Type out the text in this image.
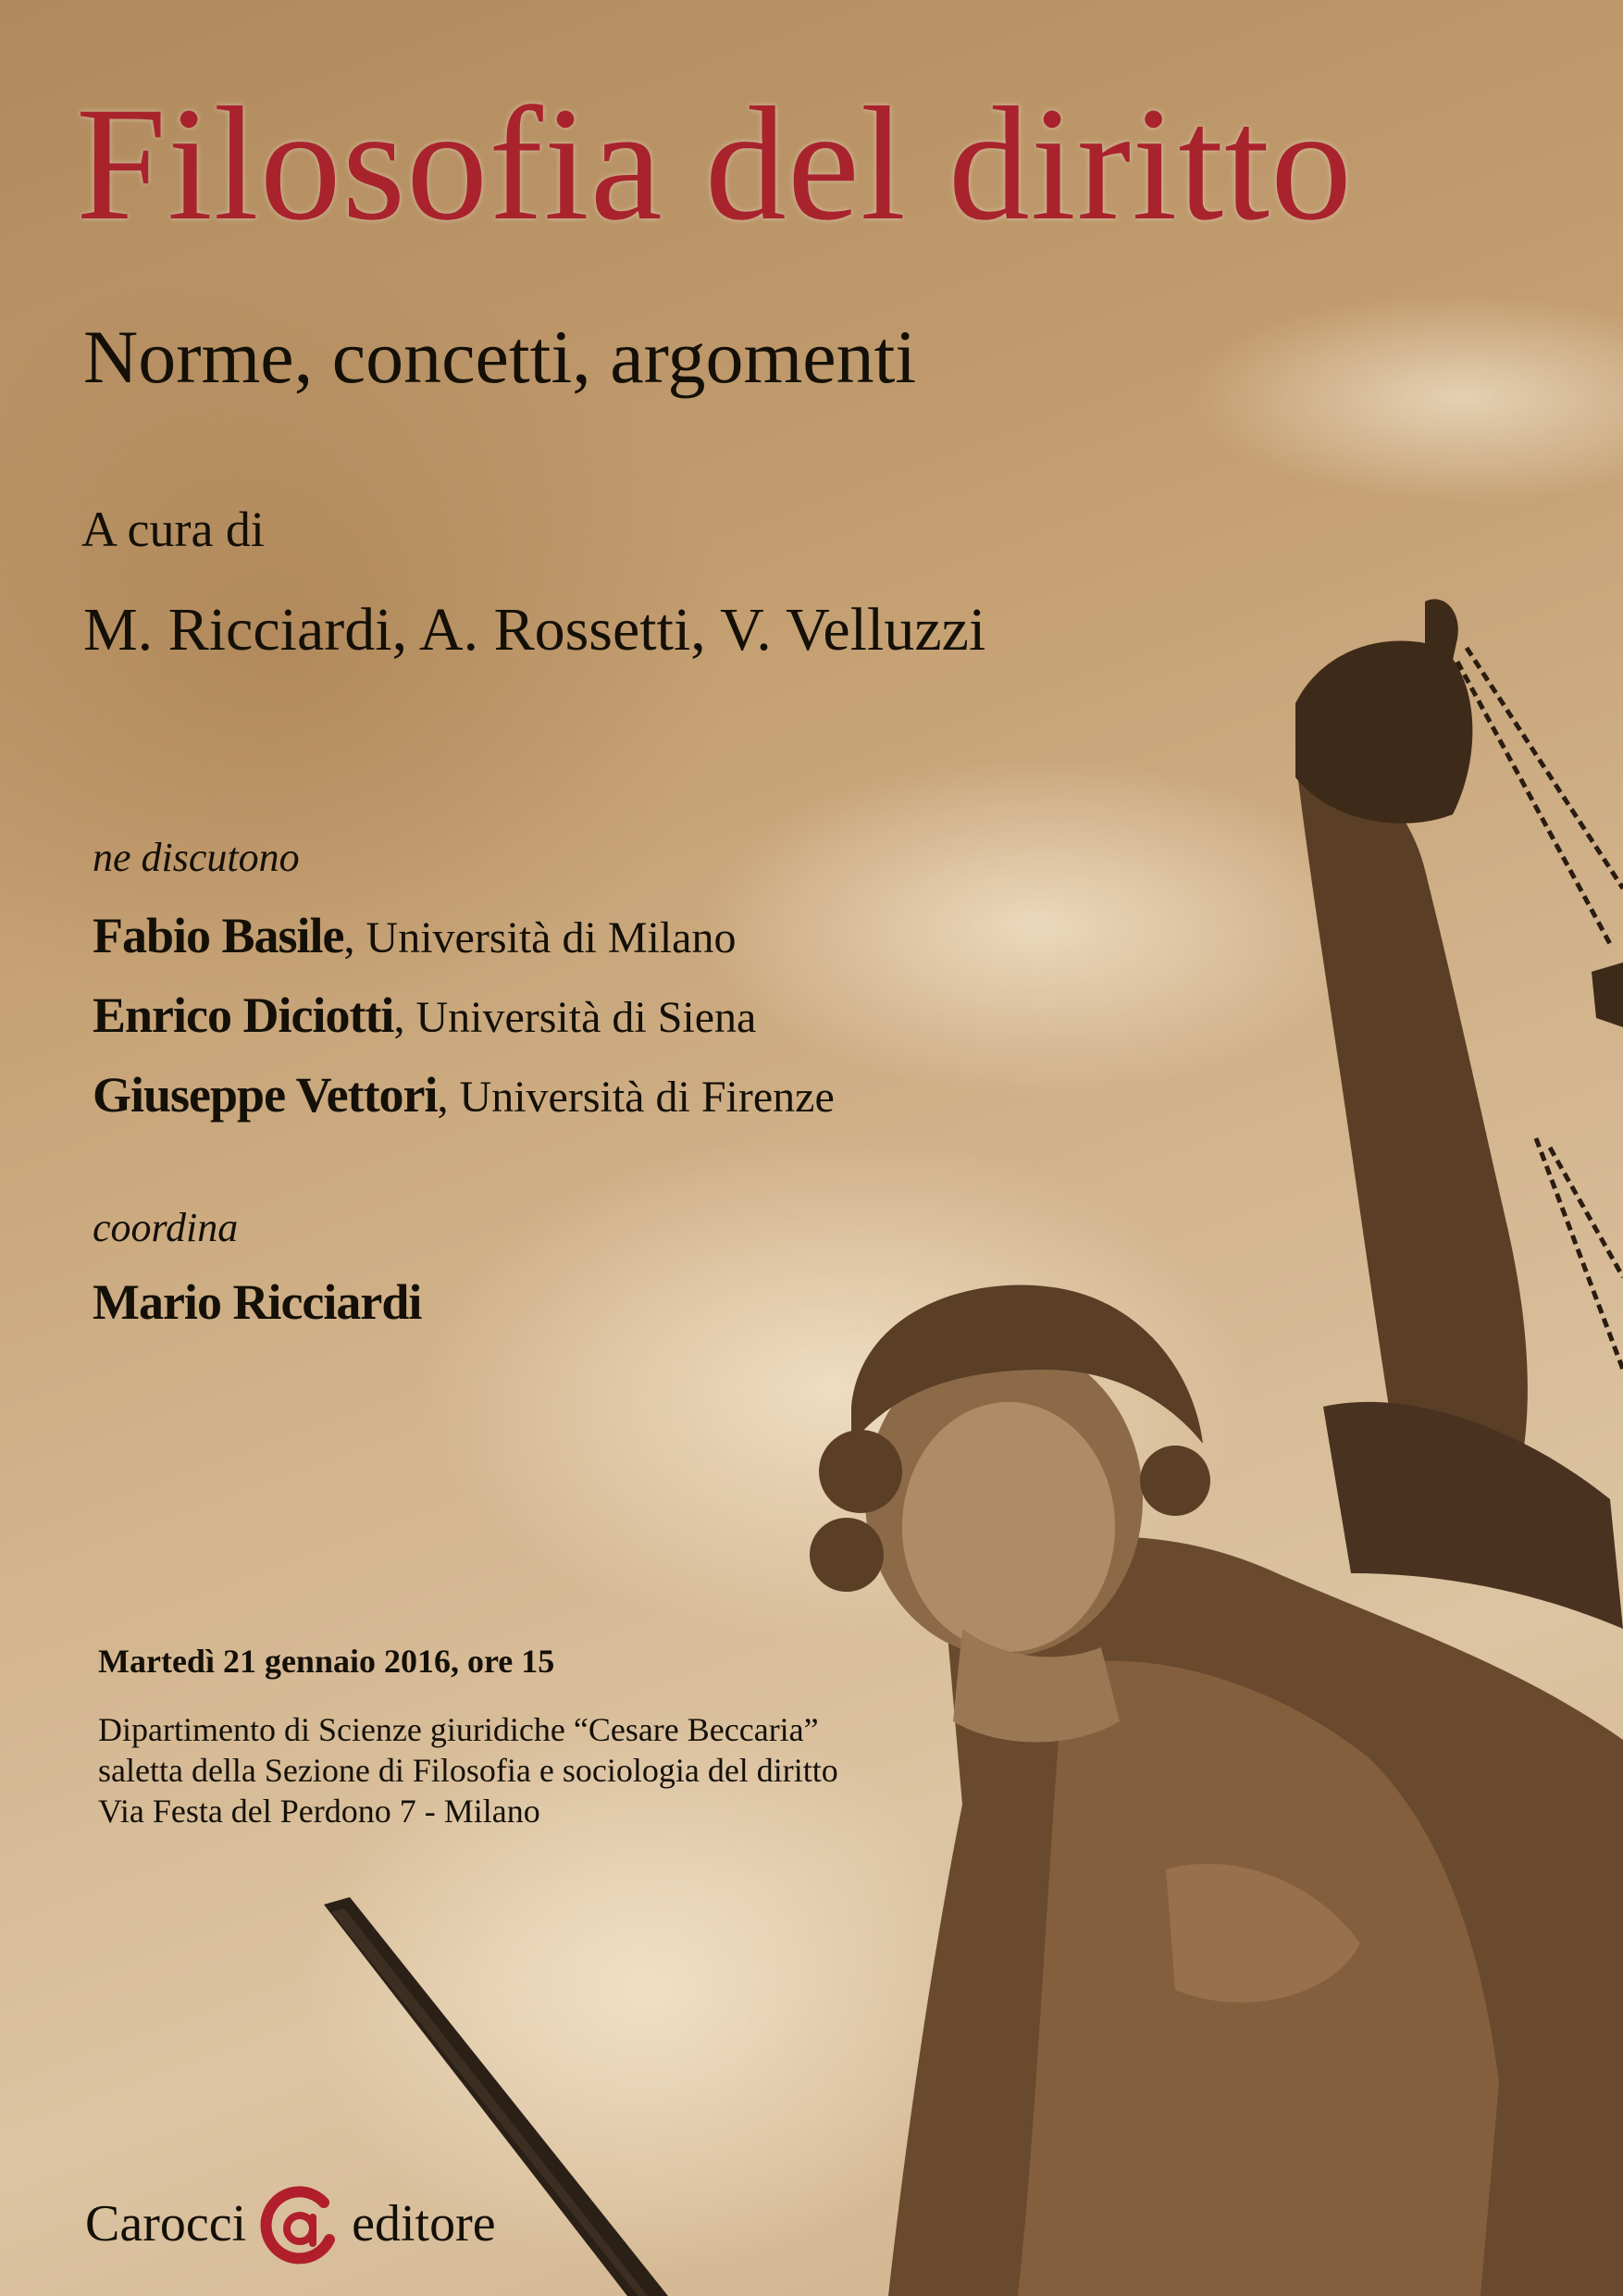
Filosofia del diritto
Norme, concetti, argomenti
A cura di
M. Ricciardi, A. Rossetti, V. Velluzzi
ne discutono
Fabio Basile, Università di Milano
Enrico Diciotti, Università di Siena
Giuseppe Vettori, Università di Firenze
coordina
Mario Ricciardi
Martedì 21 gennaio 2016, ore 15
Dipartimento di Scienze giuridiche “Cesare Beccaria”
saletta della Sezione di Filosofia e sociologia del diritto
Via Festa del Perdono 7 - Milano
Carocci editore
